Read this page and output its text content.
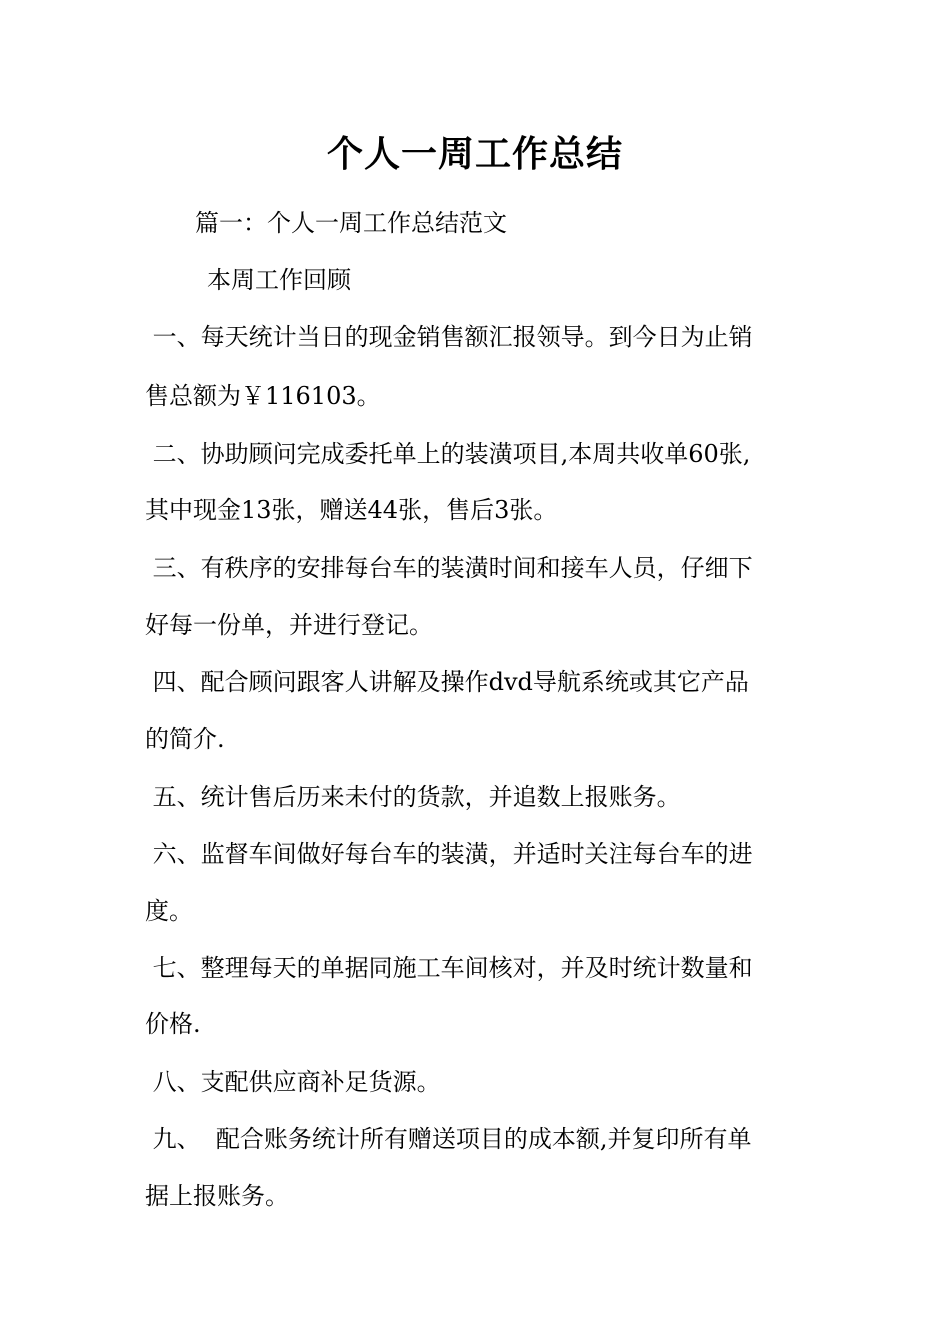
个人一周工作总结
篇一：个人一周工作总结范文
本周工作回顾
一、每天统计当日的现金销售额汇报领导。到今日为止销
售总额为￥116103。
二、协助顾问完成委托单上的装潢项目,本周共收单60张,
其中现金13张，赠送44张，售后3张。
三、有秩序的安排每台车的装潢时间和接车人员，仔细下
好每一份单，并进行登记。
四、配合顾问跟客人讲解及操作dvd导航系统或其它产品
的简介.
五、统计售后历来未付的货款，并追数上报账务。
六、监督车间做好每台车的装潢，并适时关注每台车的进
度。
七、整理每天的单据同施工车间核对，并及时统计数量和
价格.
八、支配供应商补足货源。
九、  配合账务统计所有赠送项目的成本额,并复印所有单
据上报账务。
